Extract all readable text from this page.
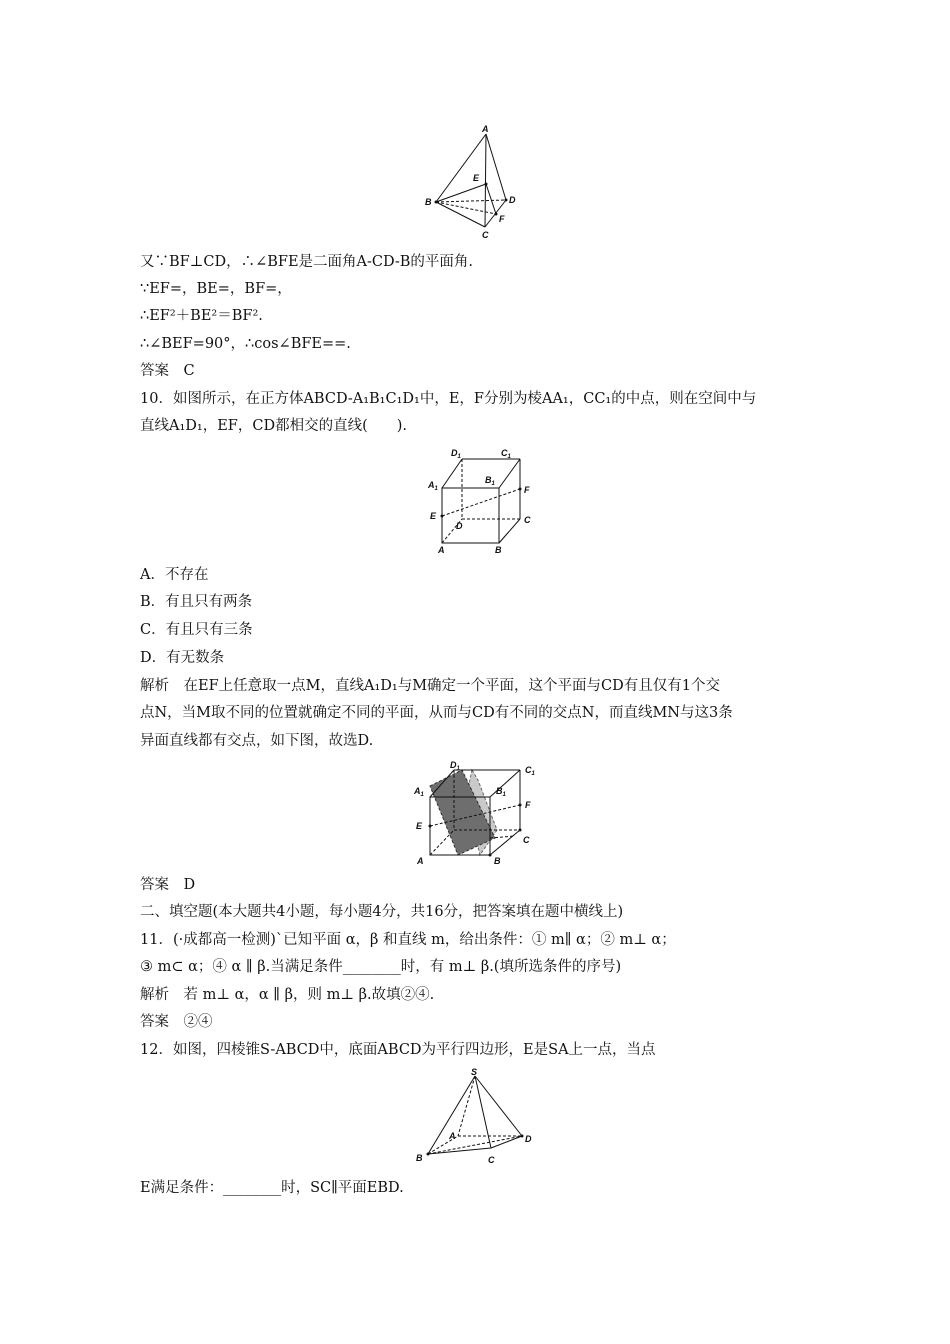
A
B
C
D
E
F
又∵BF⊥CD，∴∠BFE是二面角A-CD-B的平面角.
∵EF=，BE=，BF=，
∴EF²＋BE²＝BF².
∴∠BEF=90°，∴cos∠BFE==.
答案　C
10．如图所示，在正方体ABCD-A₁B₁C₁D₁中，E，F分别为棱AA₁，CC₁的中点，则在空间中与
直线A₁D₁，EF，CD都相交的直线(　　).
$D_1$	$C_1$
$A_1$
$B_1$
F
E
D
C
A	B
A．不存在
B．有且只有两条
C．有且只有三条
D．有无数条
解析　在EF上任意取一点M，直线A₁D₁与M确定一个平面，这个平面与CD有且仅有1个交
点N，当M取不同的位置就确定不同的平面，从而与CD有不同的交点N，而直线MN与这3条
异面直线都有交点，如下图，故选D.
$D_1$	$C_1$
$A_1$	$B_1$
F
E
C
A	B
答案　D
二、填空题(本大题共4小题，每小题4分，共16分，把答案填在题中横线上)
11．(·成都高一检测)`已知平面 α，β 和直线 m，给出条件：① m∥ α；② m⊥ α；
③ m⊂ α；④ α ∥ β.当满足条件________时，有 m⊥ β.(填所选条件的序号)
解析　若 m⊥ α，α ∥ β，则 m⊥ β.故填②④.
答案　②④
12．如图，四棱锥S-ABCD中，底面ABCD为平行四边形，E是SA上一点，当点
S
A
B	C
D
E满足条件：________时，SC∥平面EBD.
